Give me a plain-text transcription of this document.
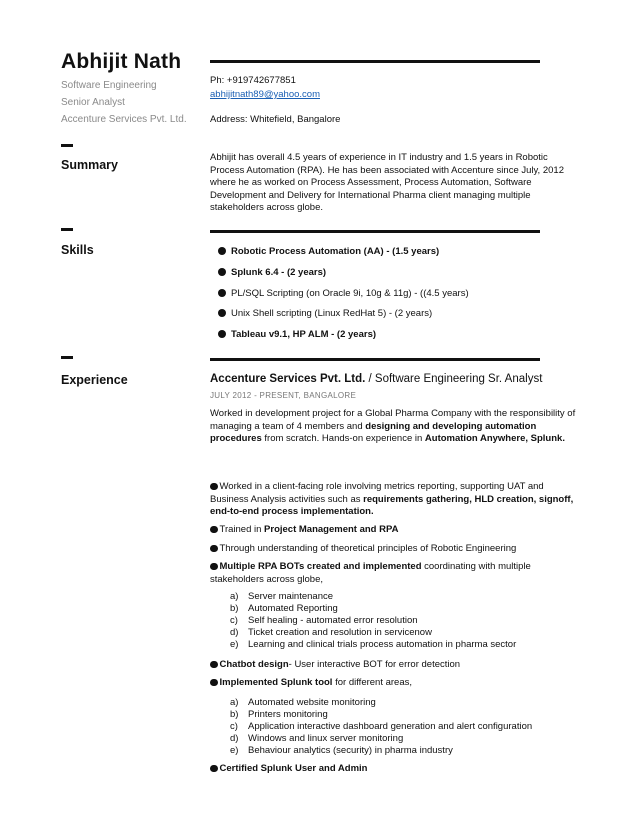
Abhijit Nath
Software Engineering
Senior Analyst
Accenture Services Pvt. Ltd.
Ph: +919742677851
abhijitnath89@yahoo.com
Address: Whitefield, Bangalore
Summary
Abhijit has overall 4.5 years of experience in IT industry and 1.5 years in Robotic Process Automation (RPA). He has been associated with Accenture since July, 2012 where he as worked on Process Assessment, Process Automation, Software Development and Delivery for International Pharma client managing multiple stakeholders across globe.
Skills	Robotic Process Automation (AA) - (1.5 years)
Splunk 6.4 - (2 years)
PL/SQL Scripting (on Oracle 9i, 10g & 11g) - ((4.5 years)
Unix Shell scripting (Linux RedHat 5) - (2 years)
Tableau v9.1, HP ALM - (2 years)
Experience	Accenture Services Pvt. Ltd. / Software Engineering Sr. Analyst
JULY 2012 - PRESENT, BANGALORE
Worked in development project for a Global Pharma Company with the responsibility of managing a team of 4 members and designing and developing automation procedures from scratch. Hands-on experience in Automation Anywhere, Splunk.
Worked in a client-facing role involving metrics reporting, supporting UAT and Business Analysis activities such as requirements gathering, HLD creation, signoff, end-to-end process implementation.
Trained in Project Management and RPA
Through understanding of theoretical principles of Robotic Engineering
Multiple RPA BOTs created and implemented coordinating with multiple stakeholders across globe,
a)	Server maintenance
b)	Automated Reporting
c)	Self healing - automated error resolution
d)	Ticket creation and resolution in servicenow
e)	Learning and clinical trials process automation in pharma sector
Chatbot design- User interactive BOT for error detection
Implemented Splunk tool for different areas,
a)	Automated website monitoring
b)	Printers monitoring
c)	Application interactive dashboard generation and alert configuration
d)	Windows and linux server monitoring
e)	Behaviour analytics (security) in pharma industry
Certified Splunk User and Admin
